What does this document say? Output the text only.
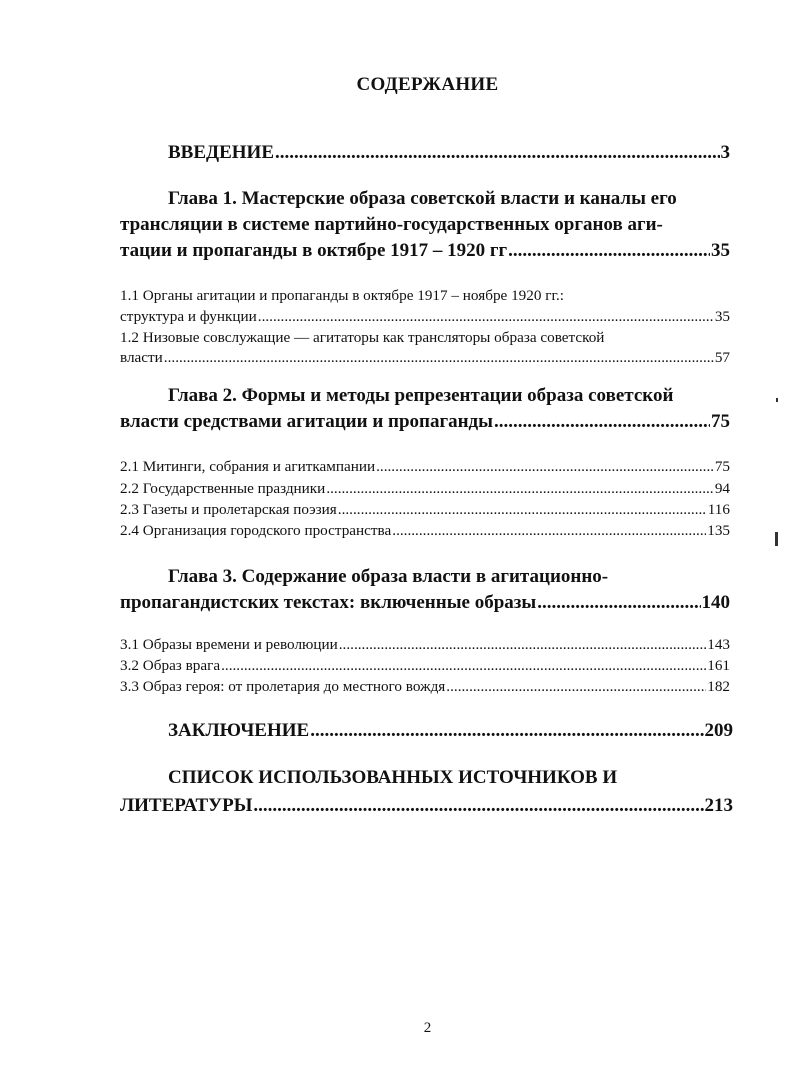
СОДЕРЖАНИЕ
ВВЕДЕНИЕ .....	3
Глава 1. Мастерские образа советской власти и каналы его
трансляции в системе партийно-государственных органов аги-
тации и пропаганды в октябре 1917 – 1920 гг .....	35
1.1 Органы агитации и пропаганды в октябре 1917 – ноябре 1920 гг.:
структура и функции .....	35
1.2 Низовые совслужащие — агитаторы как трансляторы образа советской
власти .....	57
Глава 2. Формы и методы репрезентации образа советской
власти средствами агитации и пропаганды .....	75
2.1 Митинги, собрания и агиткампании .....	75
2.2 Государственные праздники .....	94
2.3 Газеты и пролетарская поэзия .....	116
2.4 Организация городского пространства .....	135
Глава 3. Содержание образа власти в агитационно-
пропагандистских текстах: включенные образы .....	140
3.1 Образы времени и революции .....	143
3.2 Образ врага .....	161
3.3 Образ героя: от пролетария до местного вождя .....	182
ЗАКЛЮЧЕНИЕ .....	209
СПИСОК ИСПОЛЬЗОВАННЫХ ИСТОЧНИКОВ И
ЛИТЕРАТУРЫ .....	213
2
